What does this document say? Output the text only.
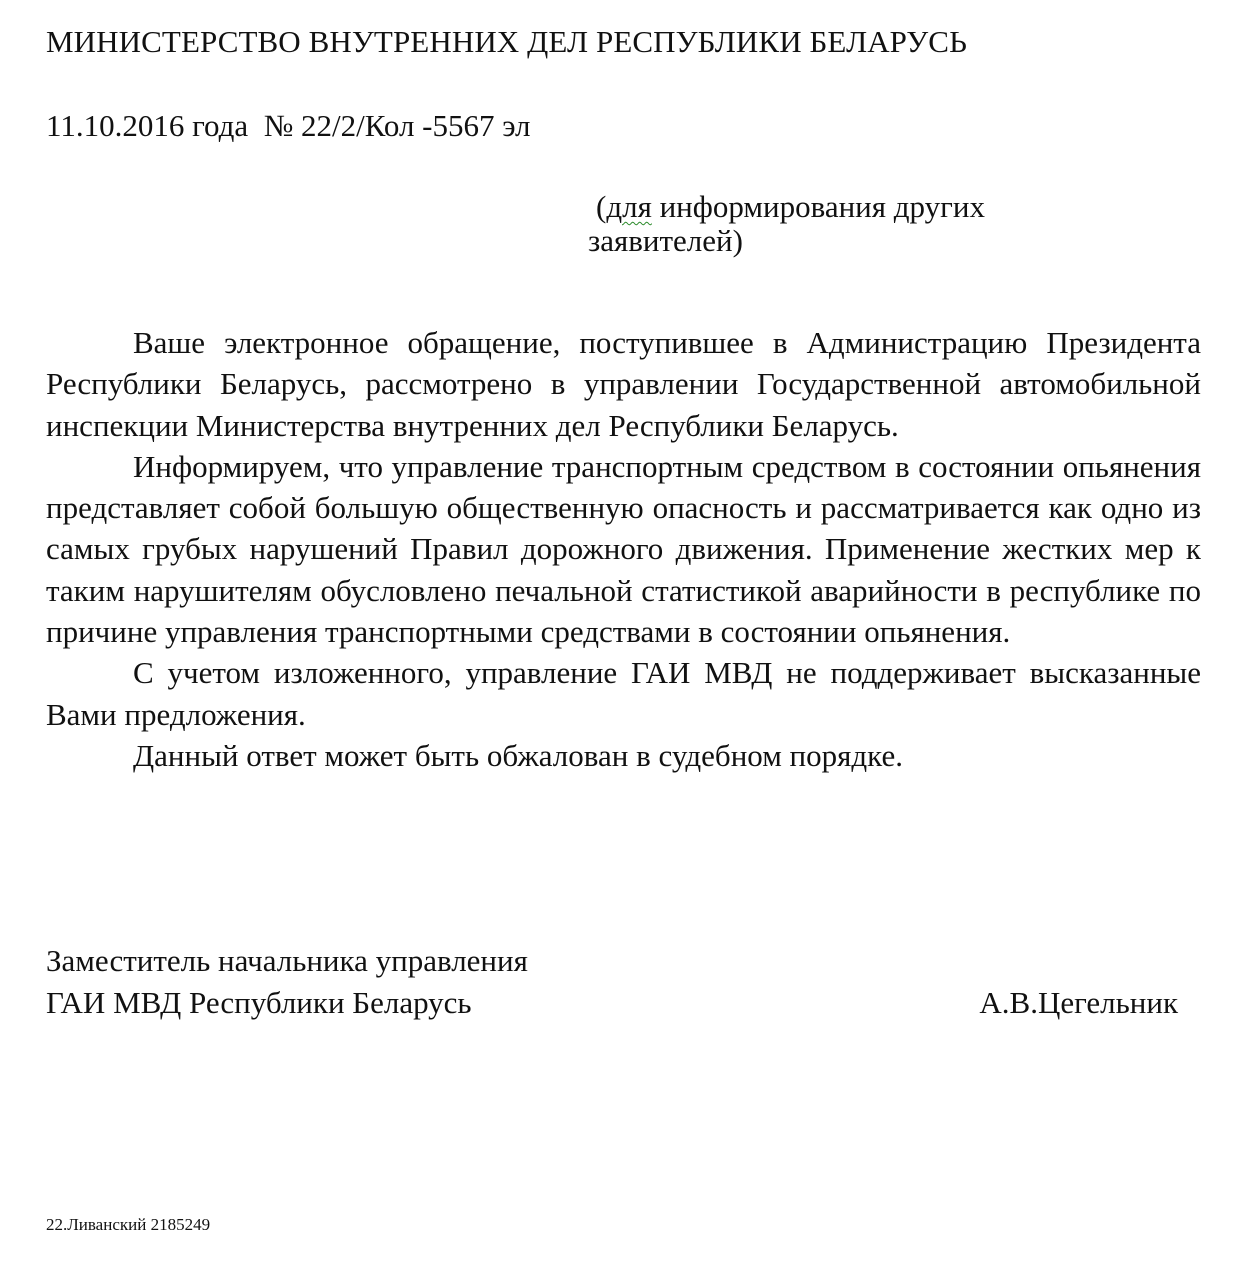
МИНИСТЕРСТВО ВНУТРЕННИХ ДЕЛ РЕСПУБЛИКИ БЕЛАРУСЬ
11.10.2016 года № 22/2/Кол -5567 эл
(для информирования других
заявителей)

Ваше электронное обращение, поступившее в Администрацию Президента Республики Беларусь, рассмотрено в управлении Государственной автомобильной инспекции Министерства внутренних дел Республики Беларусь.

Информируем, что управление транспортным средством в состоянии опьянения представляет собой большую общественную опасность и рассматривается как одно из самых грубых нарушений Правил дорожного движения. Применение жестких мер к таким нарушителям обусловлено печальной статистикой аварийности в республике по причине управления транспортными средствами в состоянии опьянения.

С учетом изложенного, управление ГАИ МВД не поддерживает высказанные Вами предложения.

Данный ответ может быть обжалован в судебном порядке.

Заместитель начальника управления
ГАИ МВД Республики Беларусь	А.В.Цегельник
22.Ливанский 2185249
